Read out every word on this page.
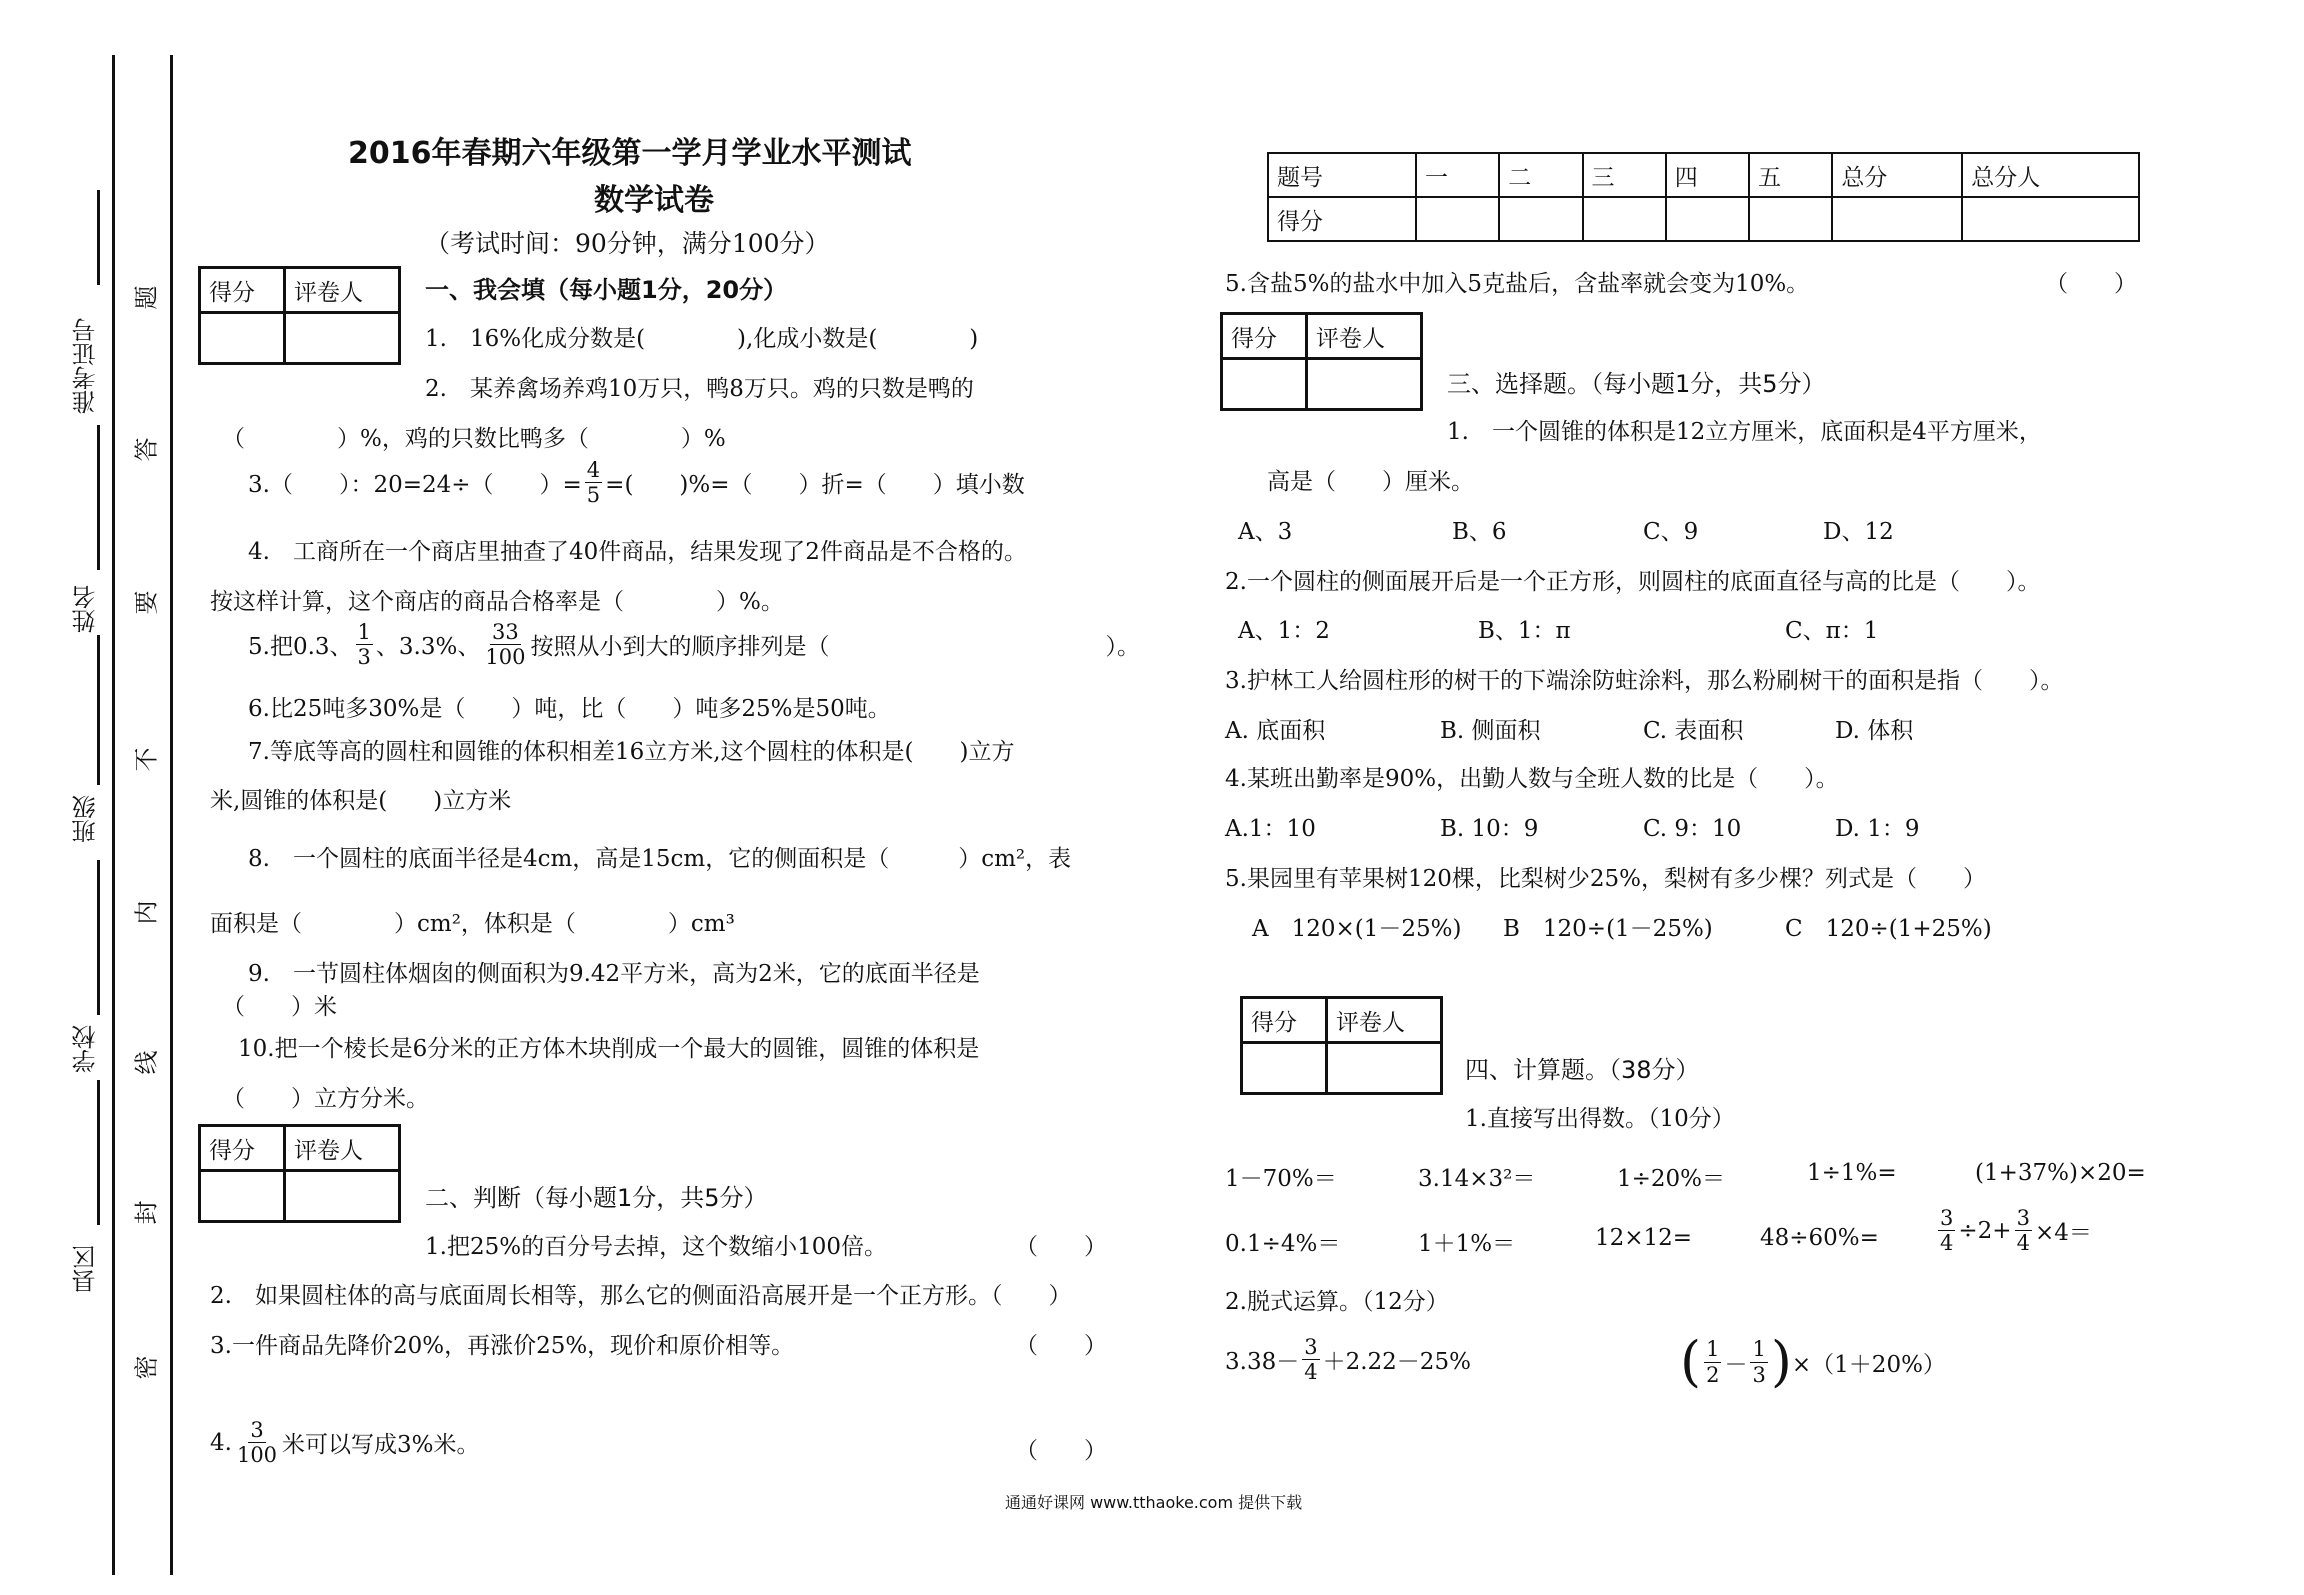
准考证号
姓名
班级
学校
县区
题
答
要
不
内
线
封
密
2016年春期六年级第一学月学业水平测试
数学试卷
（考试时间：90分钟，满分100分）
题号	一	二	三	四	五	总分	总分人
得分							
得分	评卷人

得分	评卷人

得分	评卷人

得分	评卷人

一、我会填（每小题1分，20分）
1.　16%化成分数是(　　　　),化成小数是(　　　　)
2.　某养禽场养鸡10万只，鸭8万只。鸡的只数是鸭的
（　　　　）%，鸡的只数比鸭多（　　　　）%
3.（　　）：20=24÷（　　）= $\frac{4}{5}$ =(　　)%=（　　）折=（　　）填小数
4.　工商所在一个商店里抽查了40件商品，结果发现了2件商品是不合格的。
按这样计算，这个商店的商品合格率是（　　　　）%。
5.把0.3、 $\frac{1}{3}$ 、3.3%、 $\frac{33}{100}$ 按照从小到大的顺序排列是（　　　　　　　　　　　　）。
6.比25吨多30%是（　　）吨，比（　　）吨多25%是50吨。
7.等底等高的圆柱和圆锥的体积相差16立方米,这个圆柱的体积是(　　)立方
米,圆锥的体积是(　　)立方米
8.　一个圆柱的底面半径是4cm，高是15cm，它的侧面积是（　　　）cm²，表
面积是（　　　　）cm²，体积是（　　　　）cm³
9.　一节圆柱体烟囱的侧面积为9.42平方米，高为2米，它的底面半径是
（　　）米
10.把一个棱长是6分米的正方体木块削成一个最大的圆锥，圆锥的体积是
（　　）立方分米。
二、判断（每小题1分，共5分）
1.把25%的百分号去掉，这个数缩小100倍。	（　　）
2.　如果圆柱体的高与底面周长相等，那么它的侧面沿高展开是一个正方形。（　　）
3.一件商品先降价20%，再涨价25%，现价和原价相等。	（　　）
4. $\frac{3}{100}$ 米可以写成3%米。	（　　）
5.含盐5%的盐水中加入5克盐后，含盐率就会变为10%。	（　　）
三、选择题。（每小题1分，共5分）
1.　一个圆锥的体积是12立方厘米，底面积是4平方厘米，
高是（　　）厘米。
A、3	B、6	C、9	D、12
2.一个圆柱的侧面展开后是一个正方形，则圆柱的底面直径与高的比是（　　）。
A、1：2	B、1：π	C、π：1
3.护林工人给圆柱形的树干的下端涂防蛀涂料，那么粉刷树干的面积是指（　　）。
A. 底面积	B. 侧面积	C. 表面积	D. 体积
4.某班出勤率是90%，出勤人数与全班人数的比是（　　）。
A.1：10	B. 10：9	C. 9：10	D. 1：9
5.果园里有苹果树120棵，比梨树少25%，梨树有多少棵？列式是（　　）
A　120×(1－25%) B　120÷(1－25%)	C　120÷(1+25%)
四、计算题。（38分）
1.直接写出得数。（10分）
1－70%＝	3.14×3²＝	1÷20%＝	1÷1%=	(1+37%)×20=
0.1÷4%＝	1＋1%＝	12×12=	48÷60%=	$\frac{3}{4} \div 2+ \frac{3}{4} \times 4=$
2.脱式运算。（12分）
$3.38- \frac{3}{4} +2.22-25\%$	( $\frac{1}{2} - \frac{1}{3}$ ) ×（1＋20%）
通通好课网 www.tthaoke.com 提供下载
